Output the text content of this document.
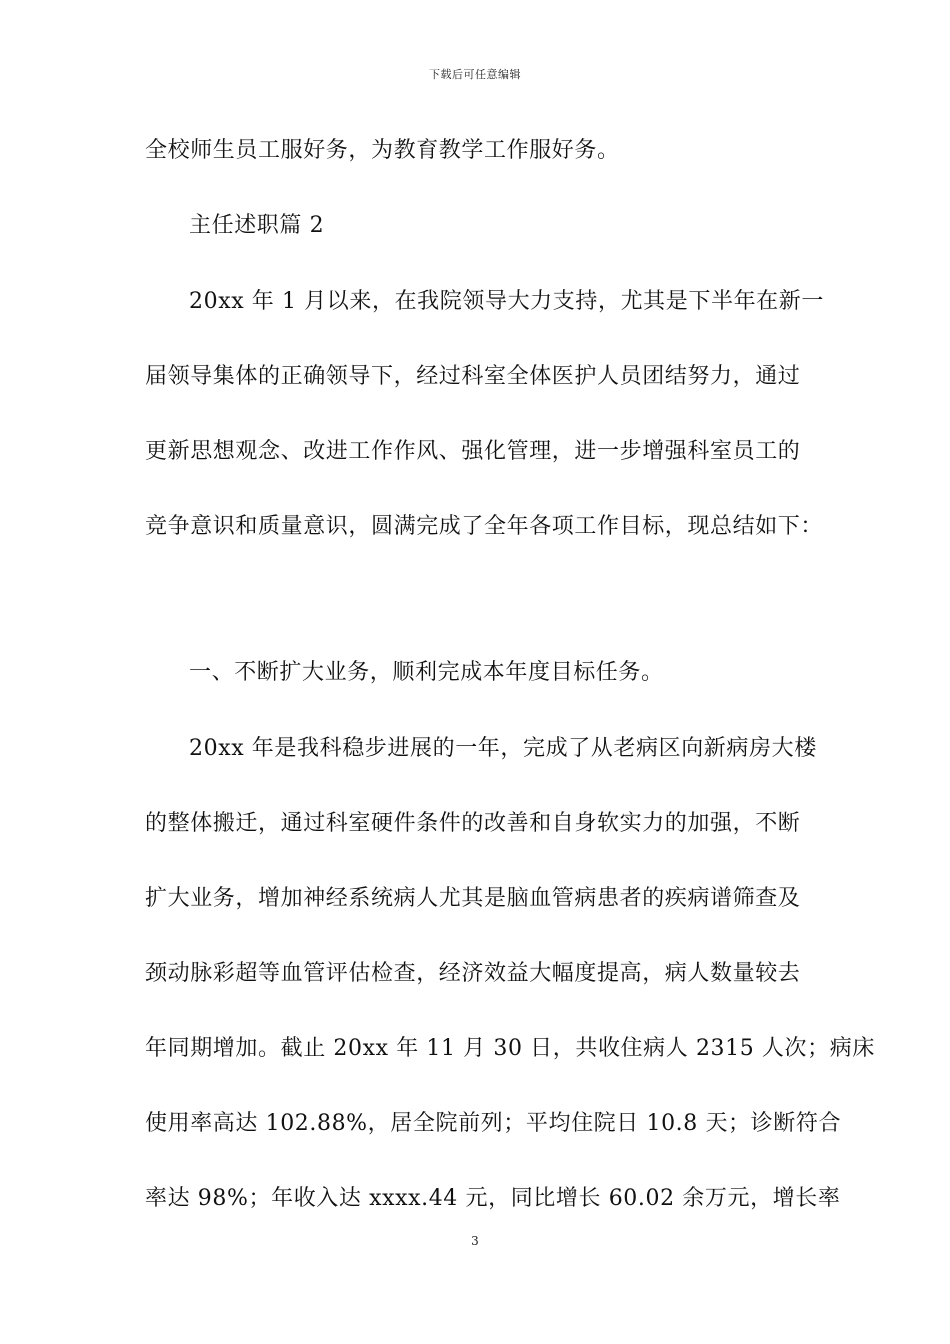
下载后可任意编辑
全校师生员工服好务，为教育教学工作服好务。
主任述职篇 2
20xx 年 1 月以来，在我院领导大力支持，尤其是下半年在新一
届领导集体的正确领导下，经过科室全体医护人员团结努力，通过
更新思想观念、改进工作作风、强化管理，进一步增强科室员工的
竞争意识和质量意识，圆满完成了全年各项工作目标，现总结如下：
一、不断扩大业务，顺利完成本年度目标任务。
20xx 年是我科稳步进展的一年，完成了从老病区向新病房大楼
的整体搬迁，通过科室硬件条件的改善和自身软实力的加强，不断
扩大业务，增加神经系统病人尤其是脑血管病患者的疾病谱筛查及
颈动脉彩超等血管评估检查，经济效益大幅度提高，病人数量较去
年同期增加。截止 20xx 年 11 月 30 日，共收住病人 2315 人次；病床
使用率高达 102.88%，居全院前列；平均住院日 10.8 天；诊断符合
率达 98%；年收入达 xxxx.44 元，同比增长 60.02 余万元，增长率
3
